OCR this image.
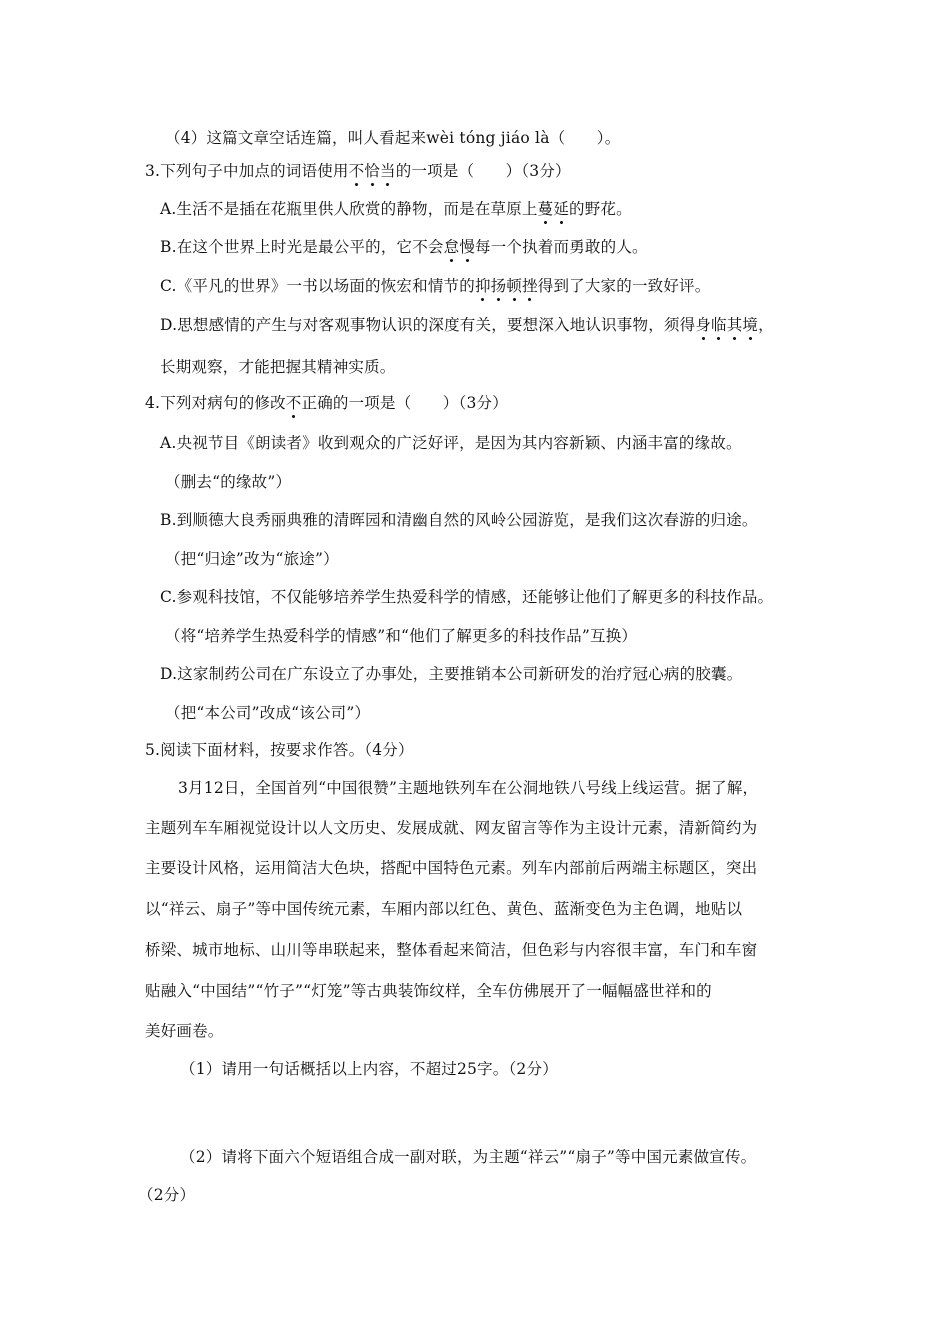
（4）这篇文章空话连篇，叫人看起来wèi tóng jiáo là（　　）。
3.下列句子中加点的词语使用不恰当的一项是（　　）（3分）
A.生活不是插在花瓶里供人欣赏的静物，而是在草原上蔓延的野花。
B.在这个世界上时光是最公平的，它不会怠慢每一个执着而勇敢的人。
C.《平凡的世界》一书以场面的恢宏和情节的抑扬顿挫得到了大家的一致好评。
D.思想感情的产生与对客观事物认识的深度有关，要想深入地认识事物，须得身临其境，
长期观察，才能把握其精神实质。
4.下列对病句的修改不正确的一项是（　　）（3分）
A.央视节目《朗读者》收到观众的广泛好评，是因为其内容新颖、内涵丰富的缘故。
（删去“的缘故”）
B.到顺德大良秀丽典雅的清晖园和清幽自然的风岭公园游览，是我们这次春游的归途。
（把“归途”改为“旅途”）
C.参观科技馆，不仅能够培养学生热爱科学的情感，还能够让他们了解更多的科技作品。
（将“培养学生热爱科学的情感”和“他们了解更多的科技作品”互换）
D.这家制药公司在广东设立了办事处，主要推销本公司新研发的治疗冠心病的胶囊。
（把“本公司”改成“该公司”）
5.阅读下面材料，按要求作答。（4分）
3月12日，全国首列“中国很赞”主题地铁列车在公洞地铁八号线上线运营。据了解，
主题列车车厢视觉设计以人文历史、发展成就、网友留言等作为主设计元素，清新简约为
主要设计风格，运用简洁大色块，搭配中国特色元素。列车内部前后两端主标题区，突出
以“祥云、扇子”等中国传统元素，车厢内部以红色、黄色、蓝渐变色为主色调，地贴以
桥梁、城市地标、山川等串联起来，整体看起来简洁，但色彩与内容很丰富，车门和车窗
贴融入“中国结”“竹子”“灯笼”等古典装饰纹样，全车仿佛展开了一幅幅盛世祥和的
美好画卷。
（1）请用一句话概括以上内容，不超过25字。（2分）
（2）请将下面六个短语组合成一副对联，为主题“祥云”“扇子”等中国元素做宣传。
（2分）
